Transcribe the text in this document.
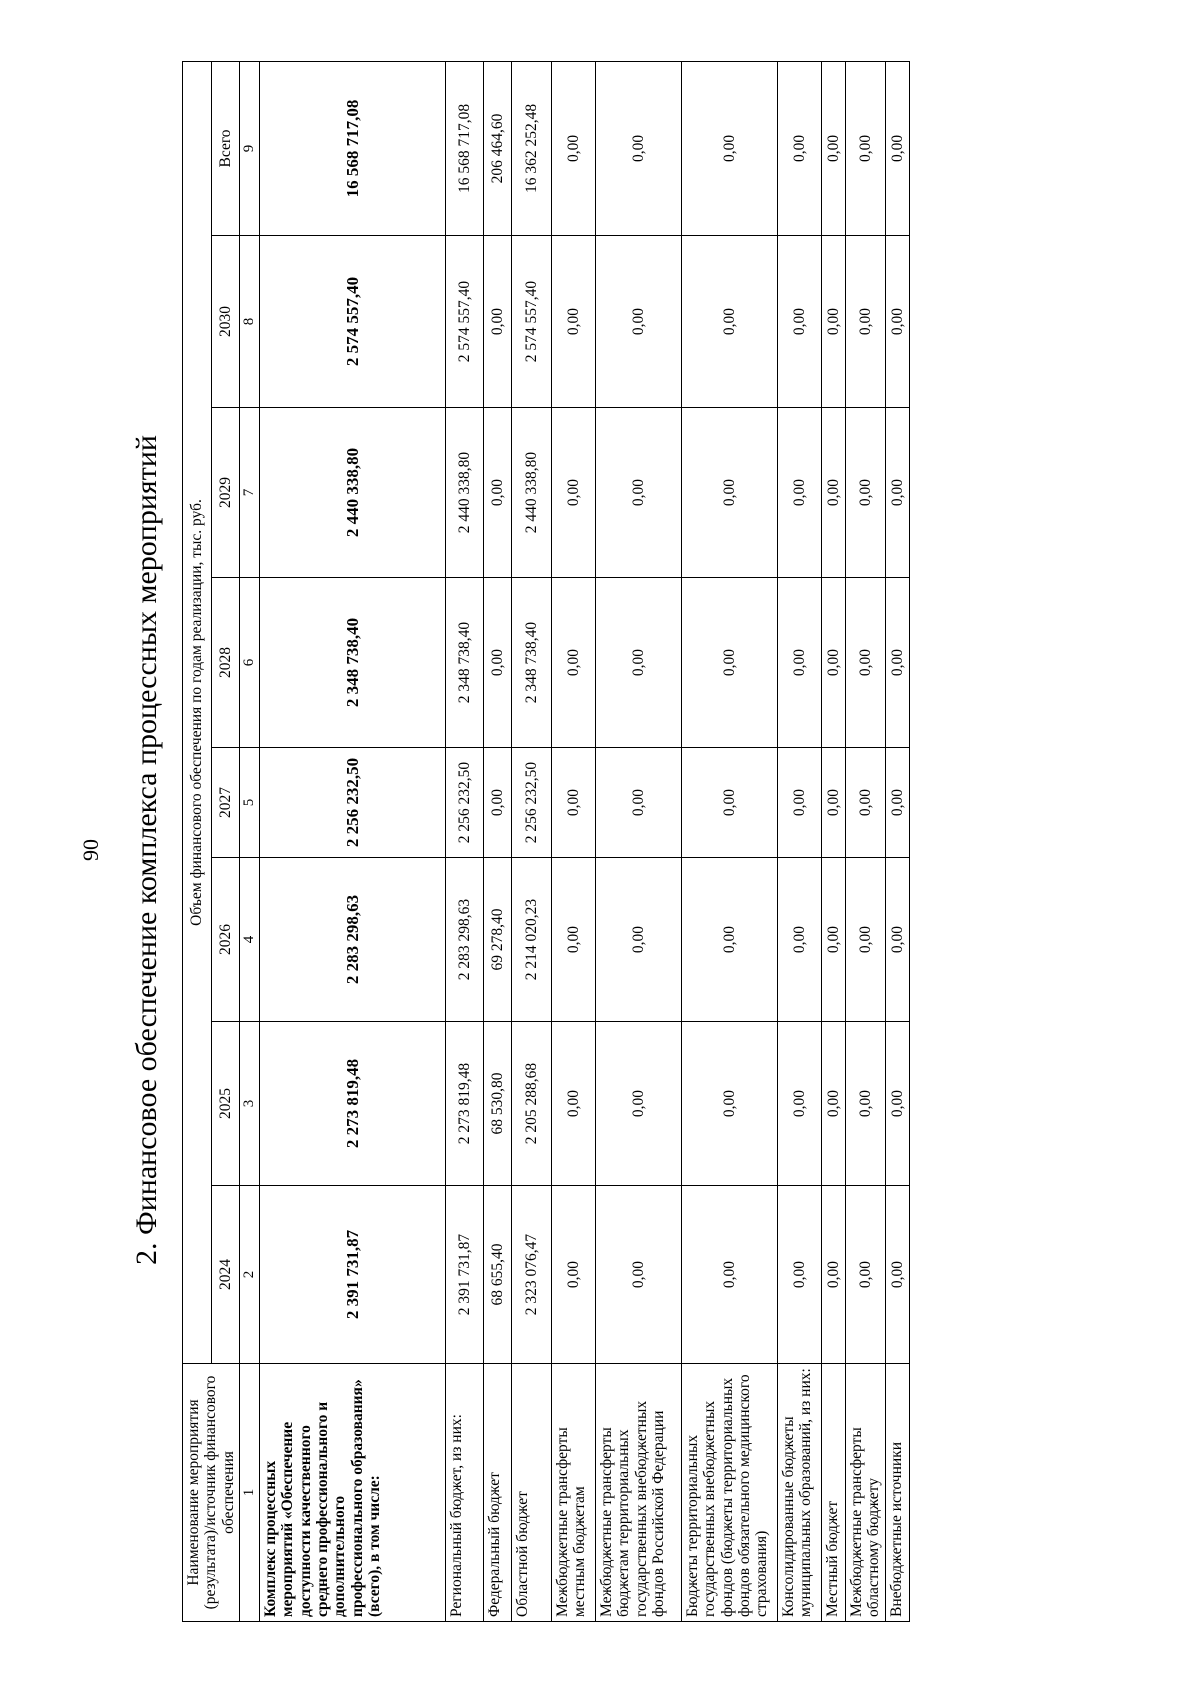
90 2. Финансовое обеспечение комплекса процессных мероприятий
Наименование мероприятия (результата)/источник финансового обеспечения	Объем финансового обеспечения по годам реализации, тыс. руб.							
	2024	2025	2026	2027	2028	2029	2030	Всего
1	2	3	4	5	6	7	8	9
Комплекс процессных мероприятий «Обеспечение доступности качественного среднего профессионального и дополнительного профессионального образования» (всего), в том числе:	2 391 731,87	2 273 819,48	2 283 298,63	2 256 232,50	2 348 738,40	2 440 338,80	2 574 557,40	16 568 717,08
Региональный бюджет, из них:	2 391 731,87	2 273 819,48	2 283 298,63	2 256 232,50	2 348 738,40	2 440 338,80	2 574 557,40	16 568 717,08
Федеральный бюджет	68 655,40	68 530,80	69 278,40	0,00	0,00	0,00	0,00	206 464,60
Областной бюджет	2 323 076,47	2 205 288,68	2 214 020,23	2 256 232,50	2 348 738,40	2 440 338,80	2 574 557,40	16 362 252,48
Межбюджетные трансферты местным бюджетам	0,00	0,00	0,00	0,00	0,00	0,00	0,00	0,00
Межбюджетные трансферты бюджетам территориальных государственных внебюджетных фондов Российской Федерации	0,00	0,00	0,00	0,00	0,00	0,00	0,00	0,00
Бюджеты территориальных государственных внебюджетных фондов (бюджеты территориальных фондов обязательного медицинского страхования)	0,00	0,00	0,00	0,00	0,00	0,00	0,00	0,00
Консолидированные бюджеты муниципальных образований, из них:	0,00	0,00	0,00	0,00	0,00	0,00	0,00	0,00
Местный бюджет	0,00	0,00	0,00	0,00	0,00	0,00	0,00	0,00
Межбюджетные трансферты областному бюджету	0,00	0,00	0,00	0,00	0,00	0,00	0,00	0,00
Внебюджетные источники	0,00	0,00	0,00	0,00	0,00	0,00	0,00	0,00
